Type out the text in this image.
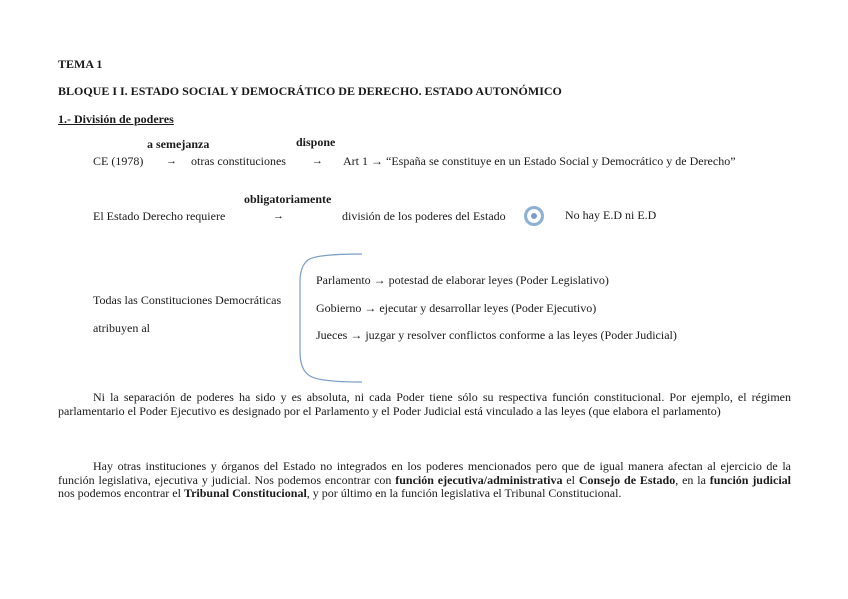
TEMA 1
BLOQUE I I. ESTADO SOCIAL Y DEMOCRÁTICO DE DERECHO. ESTADO AUTONÓMICO
1.- División de poderes
a semejanza	dispone
CE (1978) → otras constituciones → Art 1 → “España se constituye en un Estado Social y Democrático y de Derecho”
obligatoriamente
El Estado Derecho requiere	→	división de los poderes del Estado	No hay E.D ni E.D
Todas las Constituciones Democráticas
atribuyen al
Parlamento → potestad de elaborar leyes (Poder Legislativo)
Gobierno → ejecutar y desarrollar leyes (Poder Ejecutivo)
Jueces → juzgar y resolver conflictos conforme a las leyes (Poder Judicial)
Ni la separación de poderes ha sido y es absoluta, ni cada Poder tiene sólo su respectiva función constitucional. Por ejemplo, el régimen parlamentario el Poder Ejecutivo es designado por el Parlamento y el Poder Judicial está vinculado a las leyes (que elabora el parlamento)
Hay otras instituciones y órganos del Estado no integrados en los poderes mencionados pero que de igual manera afectan al ejercicio de la función legislativa, ejecutiva y judicial. Nos podemos encontrar con función ejecutiva/administrativa el Consejo de Estado, en la función judicial nos podemos encontrar el Tribunal Constitucional, y por último en la función legislativa el Tribunal Constitucional.
